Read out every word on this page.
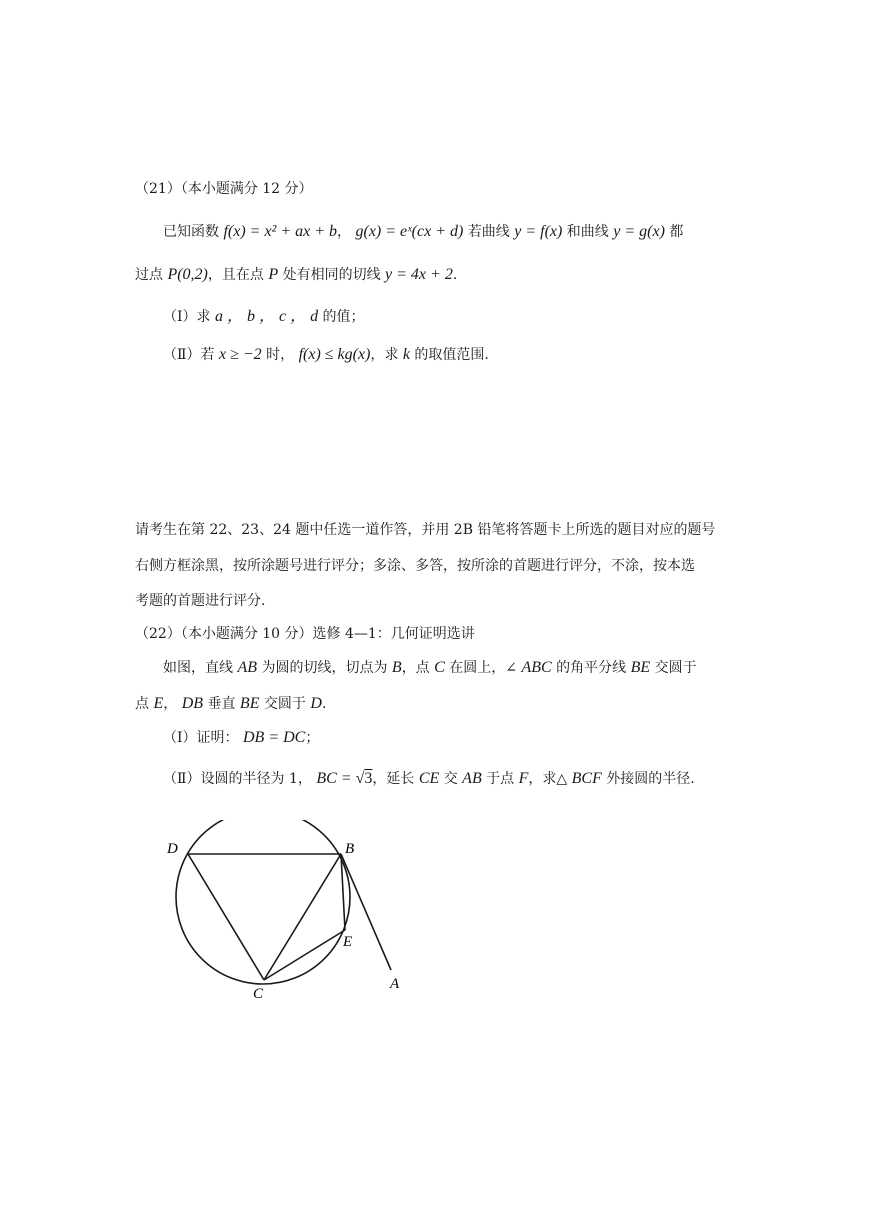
（21）（本小题满分 12 分）
已知函数 f(x) = x² + ax + b， g(x) = eˣ(cx + d) 若曲线 y = f(x) 和曲线 y = g(x) 都
过点 P(0,2)，且在点 P 处有相同的切线 y = 4x + 2.
（Ⅰ）求 a ， b ， c ， d 的值；
（Ⅱ）若 x ≥ −2 时， f(x) ≤ kg(x)，求 k 的取值范围.
请考生在第 22、23、24 题中任选一道作答，并用 2B 铅笔将答题卡上所选的题目对应的题号
右侧方框涂黑，按所涂题号进行评分；多涂、多答，按所涂的首题进行评分，不涂，按本选
考题的首题进行评分.
（22）（本小题满分 10 分）选修 4—1：几何证明选讲
如图，直线 AB 为圆的切线，切点为 B，点 C 在圆上，∠ ABC 的角平分线 BE 交圆于
点 E， DB 垂直 BE 交圆于 D.
（Ⅰ）证明： DB = DC；
（Ⅱ）设圆的半径为 1， BC = √3，延长 CE 交 AB 于点 F，求△ BCF 外接圆的半径.
D	B
E
C
A
